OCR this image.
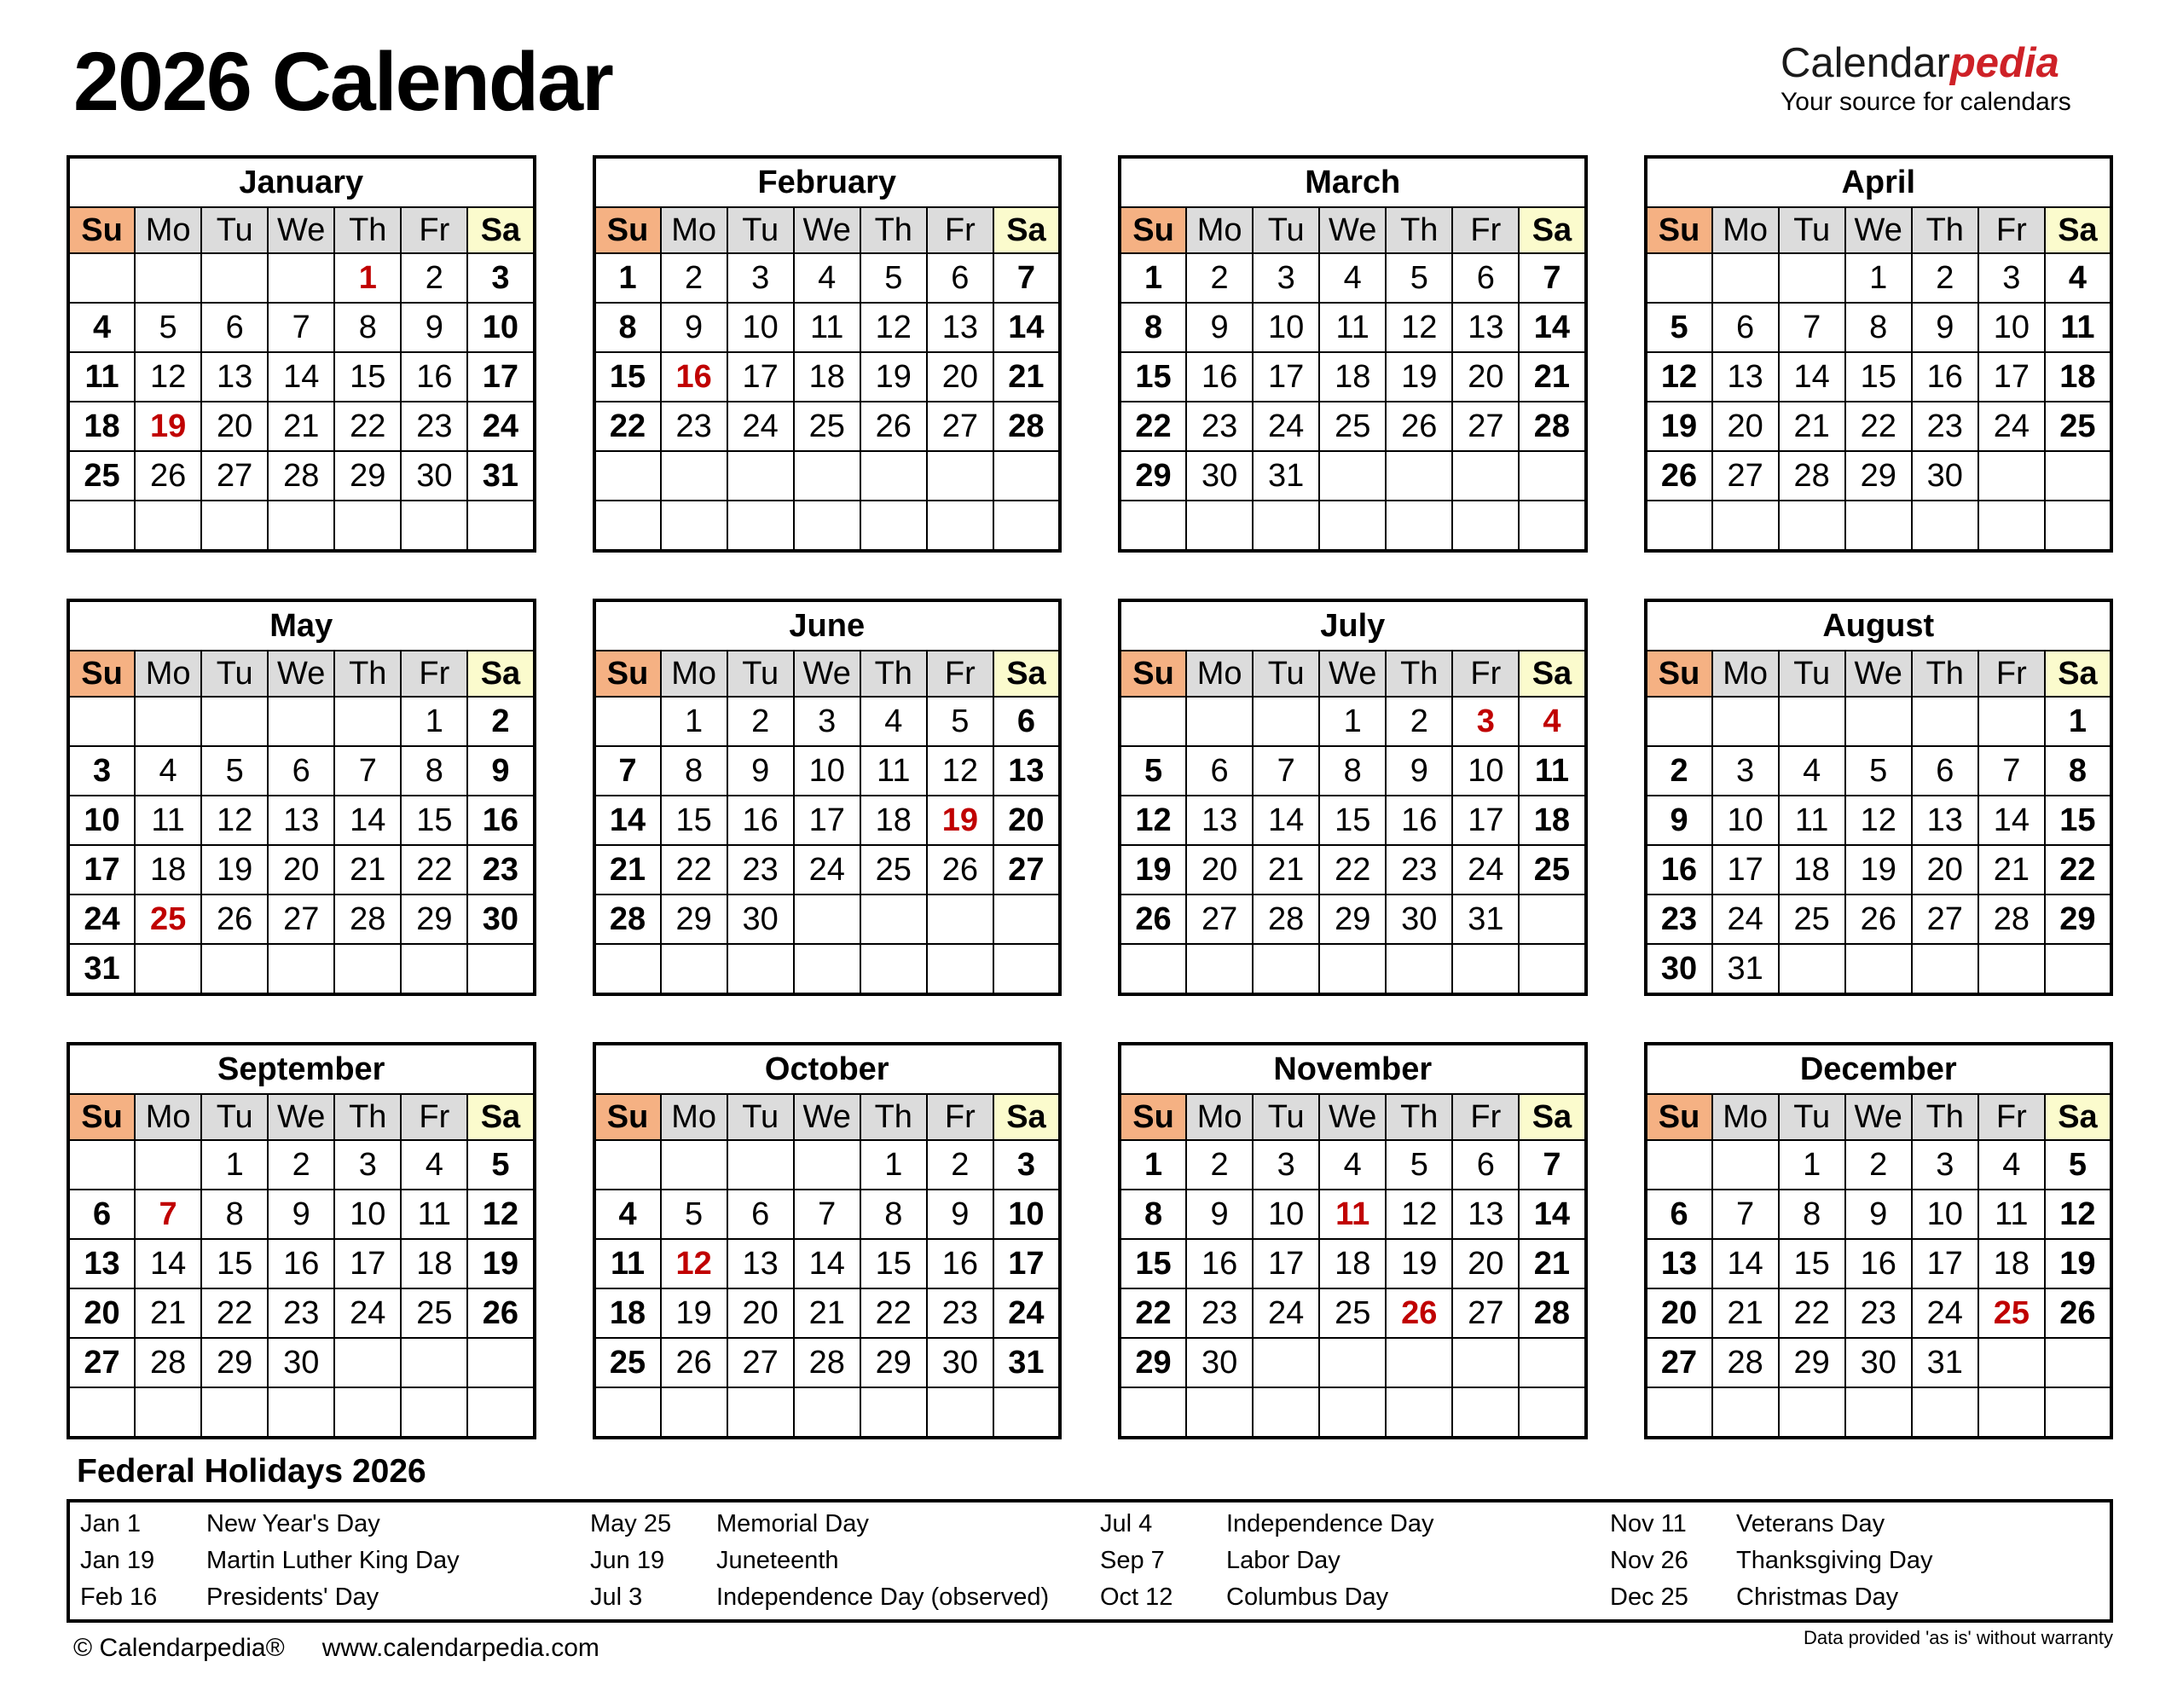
2026 Calendar	Calendarpedia
Your source for calendars
January						
Su	Mo	Tu	We	Th	Fr	Sa
				1	2	3
4	5	6	7	8	9	10
11	12	13	14	15	16	17
18	19	20	21	22	23	24
25	26	27	28	29	30	31

February						
Su	Mo	Tu	We	Th	Fr	Sa
1	2	3	4	5	6	7
8	9	10	11	12	13	14
15	16	17	18	19	20	21
22	23	24	25	26	27	28

March						
Su	Mo	Tu	We	Th	Fr	Sa
1	2	3	4	5	6	7
8	9	10	11	12	13	14
15	16	17	18	19	20	21
22	23	24	25	26	27	28
29	30	31				

April						
Su	Mo	Tu	We	Th	Fr	Sa
			1	2	3	4
5	6	7	8	9	10	11
12	13	14	15	16	17	18
19	20	21	22	23	24	25
26	27	28	29	30		

May						
Su	Mo	Tu	We	Th	Fr	Sa
					1	2
3	4	5	6	7	8	9
10	11	12	13	14	15	16
17	18	19	20	21	22	23
24	25	26	27	28	29	30
31						
June						
Su	Mo	Tu	We	Th	Fr	Sa
	1	2	3	4	5	6
7	8	9	10	11	12	13
14	15	16	17	18	19	20
21	22	23	24	25	26	27
28	29	30				

July						
Su	Mo	Tu	We	Th	Fr	Sa
			1	2	3	4
5	6	7	8	9	10	11
12	13	14	15	16	17	18
19	20	21	22	23	24	25
26	27	28	29	30	31	

August						
Su	Mo	Tu	We	Th	Fr	Sa
						1
2	3	4	5	6	7	8
9	10	11	12	13	14	15
16	17	18	19	20	21	22
23	24	25	26	27	28	29
30	31					
September						
Su	Mo	Tu	We	Th	Fr	Sa
		1	2	3	4	5
6	7	8	9	10	11	12
13	14	15	16	17	18	19
20	21	22	23	24	25	26
27	28	29	30			

October						
Su	Mo	Tu	We	Th	Fr	Sa
				1	2	3
4	5	6	7	8	9	10
11	12	13	14	15	16	17
18	19	20	21	22	23	24
25	26	27	28	29	30	31

November						
Su	Mo	Tu	We	Th	Fr	Sa
1	2	3	4	5	6	7
8	9	10	11	12	13	14
15	16	17	18	19	20	21
22	23	24	25	26	27	28
29	30					

December						
Su	Mo	Tu	We	Th	Fr	Sa
		1	2	3	4	5
6	7	8	9	10	11	12
13	14	15	16	17	18	19
20	21	22	23	24	25	26
27	28	29	30	31		

Federal Holidays 2026
Jan 1	New Year's Day	May 25	Memorial Day	Jul 4	Independence Day	Nov 11	Veterans Day
Jan 19	Martin Luther King Day	Jun 19	Juneteenth	Sep 7	Labor Day	Nov 26	Thanksgiving Day
Feb 16	Presidents' Day	Jul 3	Independence Day (observed)	Oct 12	Columbus Day	Dec 25	Christmas Day
Data provided 'as is' without warranty
© Calendarpedia® www.calendarpedia.com
